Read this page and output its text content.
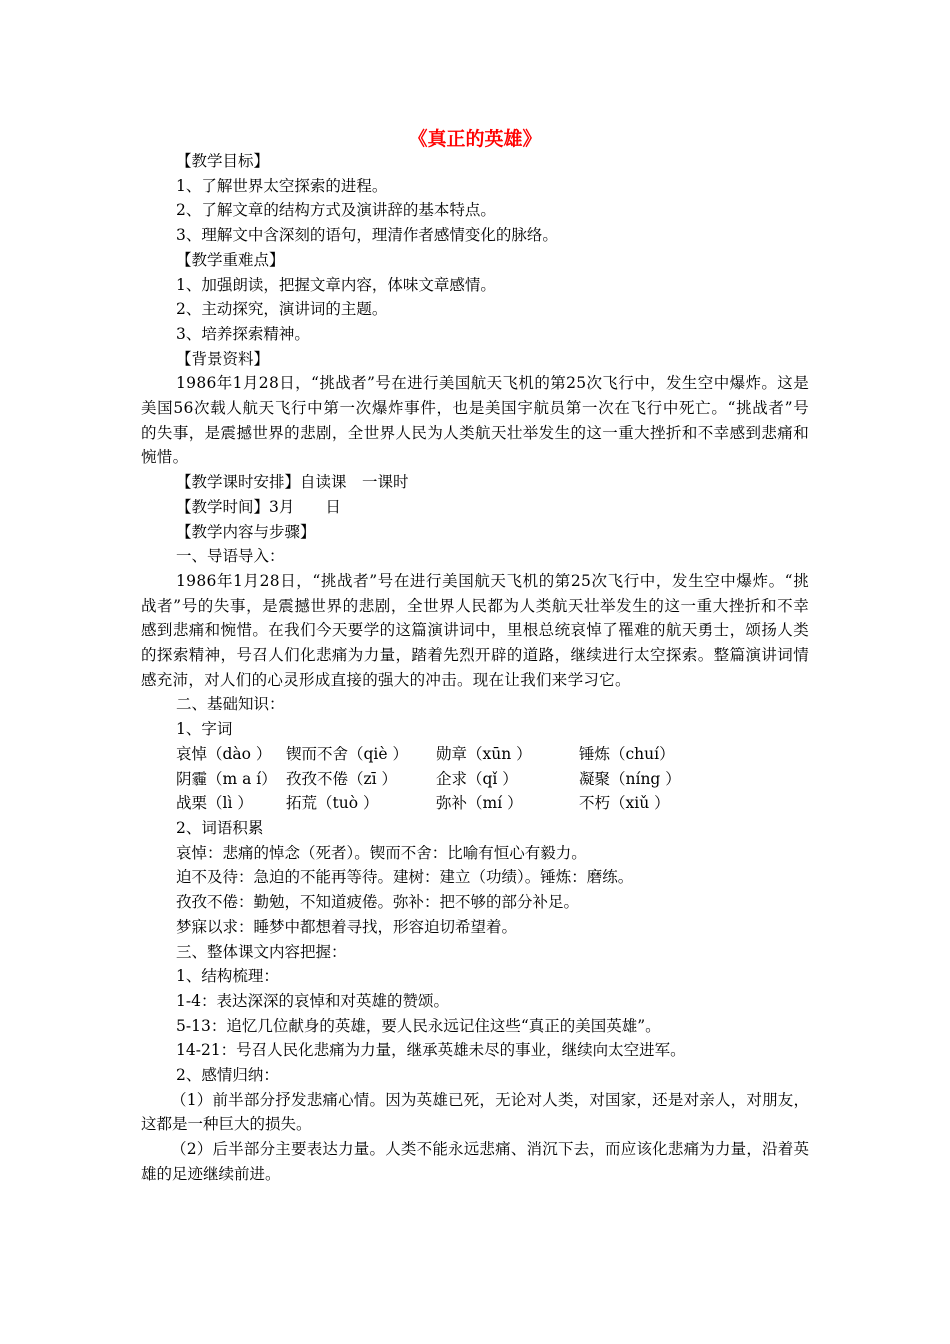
《真正的英雄》

【教学目标】

1、了解世界太空探索的进程。

2、了解文章的结构方式及演讲辞的基本特点。

3、理解文中含深刻的语句，理清作者感情变化的脉络。

【教学重难点】

1、加强朗读，把握文章内容，体味文章感情。

2、主动探究，演讲词的主题。

3、培养探索精神。

【背景资料】

1986年1月28日，“挑战者”号在进行美国航天飞机的第25次飞行中，发生空中爆炸。这是美国56次载人航天飞行中第一次爆炸事件，也是美国宇航员第一次在飞行中死亡。“挑战者”号的失事，是震撼世界的悲剧，全世界人民为人类航天壮举发生的这一重大挫折和不幸感到悲痛和惋惜。

【教学课时安排】自读课　一课时

【教学时间】3月　　日

【教学内容与步骤】

一、导语导入：

1986年1月28日，“挑战者”号在进行美国航天飞机的第25次飞行中，发生空中爆炸。“挑战者”号的失事，是震撼世界的悲剧，全世界人民都为人类航天壮举发生的这一重大挫折和不幸感到悲痛和惋惜。在我们今天要学的这篇演讲词中，里根总统哀悼了罹难的航天勇士，颂扬人类的探索精神，号召人们化悲痛为力量，踏着先烈开辟的道路，继续进行太空探索。整篇演讲词情感充沛，对人们的心灵形成直接的强大的冲击。现在让我们来学习它。

二、基础知识：

1、字词

哀悼（dào ） 锲而不舍（qiè ）	勋章（xūn ）	锤炼（chuí）
阴霾（m a í） 孜孜不倦（zī ）	企求（qǐ ）	凝聚（níng ）
战栗（lì ）	拓荒（tuò ）	弥补（mí ）	不朽（xiǔ ）

2、词语积累

哀悼：悲痛的悼念（死者）。锲而不舍：比喻有恒心有毅力。

迫不及待：急迫的不能再等待。建树：建立（功绩）。锤炼：磨练。

孜孜不倦：勤勉，不知道疲倦。弥补：把不够的部分补足。

梦寐以求：睡梦中都想着寻找，形容迫切希望着。

三、整体课文内容把握：

1、结构梳理：

1-4：表达深深的哀悼和对英雄的赞颂。

5-13：追忆几位献身的英雄，要人民永远记住这些“真正的美国英雄”。

14-21：号召人民化悲痛为力量，继承英雄未尽的事业，继续向太空进军。

2、感情归纳：

（1）前半部分抒发悲痛心情。因为英雄已死，无论对人类，对国家，还是对亲人，对朋友，这都是一种巨大的损失。

（2）后半部分主要表达力量。人类不能永远悲痛、消沉下去，而应该化悲痛为力量，沿着英雄的足迹继续前进。
